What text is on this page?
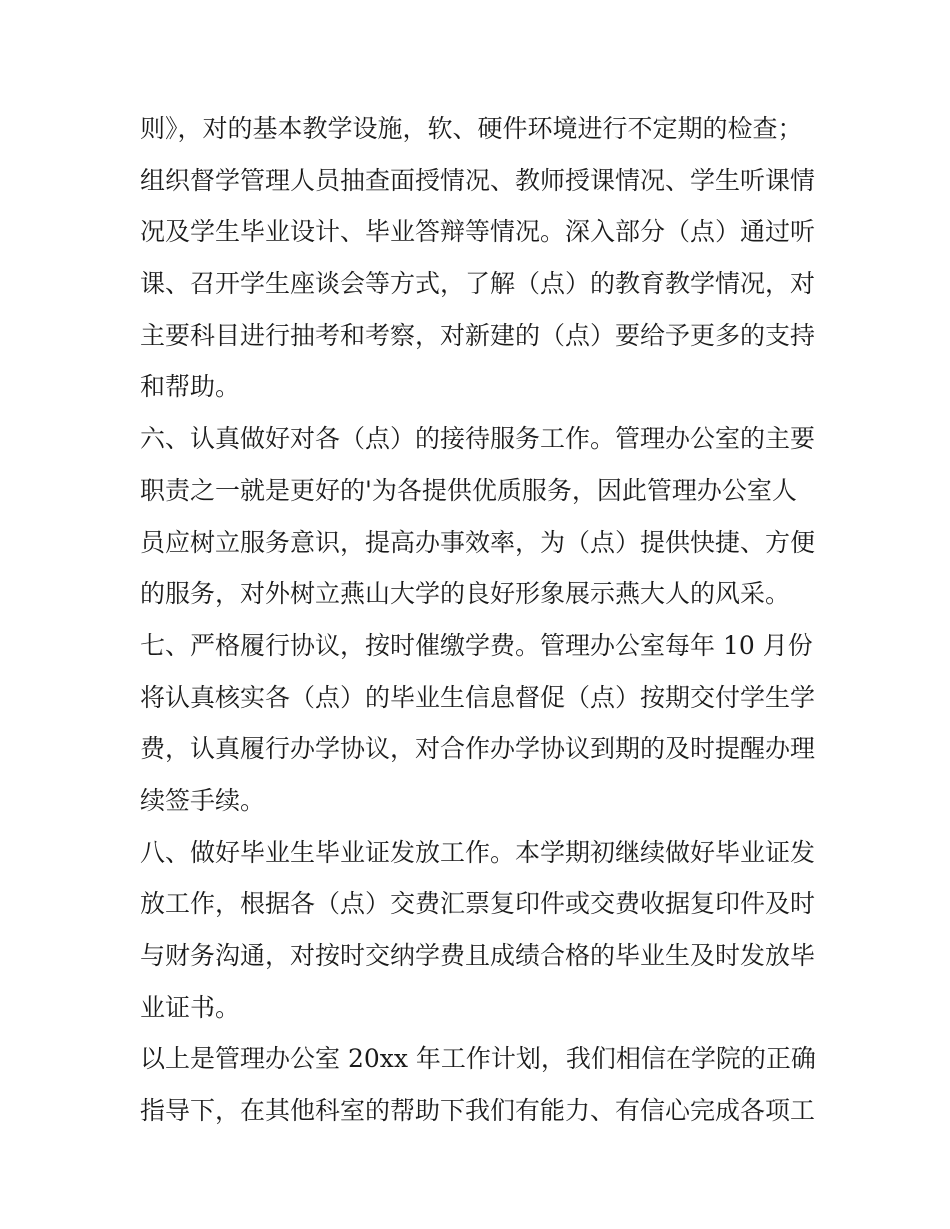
则》，对的基本教学设施，软、硬件环境进行不定期的检查；
组织督学管理人员抽查面授情况、教师授课情况、学生听课情
况及学生毕业设计、毕业答辩等情况。深入部分（点）通过听
课、召开学生座谈会等方式，了解（点）的教育教学情况，对
主要科目进行抽考和考察，对新建的（点）要给予更多的支持
和帮助。
六、认真做好对各（点）的接待服务工作。管理办公室的主要
职责之一就是更好的'为各提供优质服务，因此管理办公室人
员应树立服务意识，提高办事效率，为（点）提供快捷、方便
的服务，对外树立燕山大学的良好形象展示燕大人的风采。
七、严格履行协议，按时催缴学费。管理办公室每年 10 月份
将认真核实各（点）的毕业生信息督促（点）按期交付学生学
费，认真履行办学协议，对合作办学协议到期的及时提醒办理
续签手续。
八、做好毕业生毕业证发放工作。本学期初继续做好毕业证发
放工作，根据各（点）交费汇票复印件或交费收据复印件及时
与财务沟通，对按时交纳学费且成绩合格的毕业生及时发放毕
业证书。
以上是管理办公室 20xx 年工作计划，我们相信在学院的正确
指导下，在其他科室的帮助下我们有能力、有信心完成各项工
